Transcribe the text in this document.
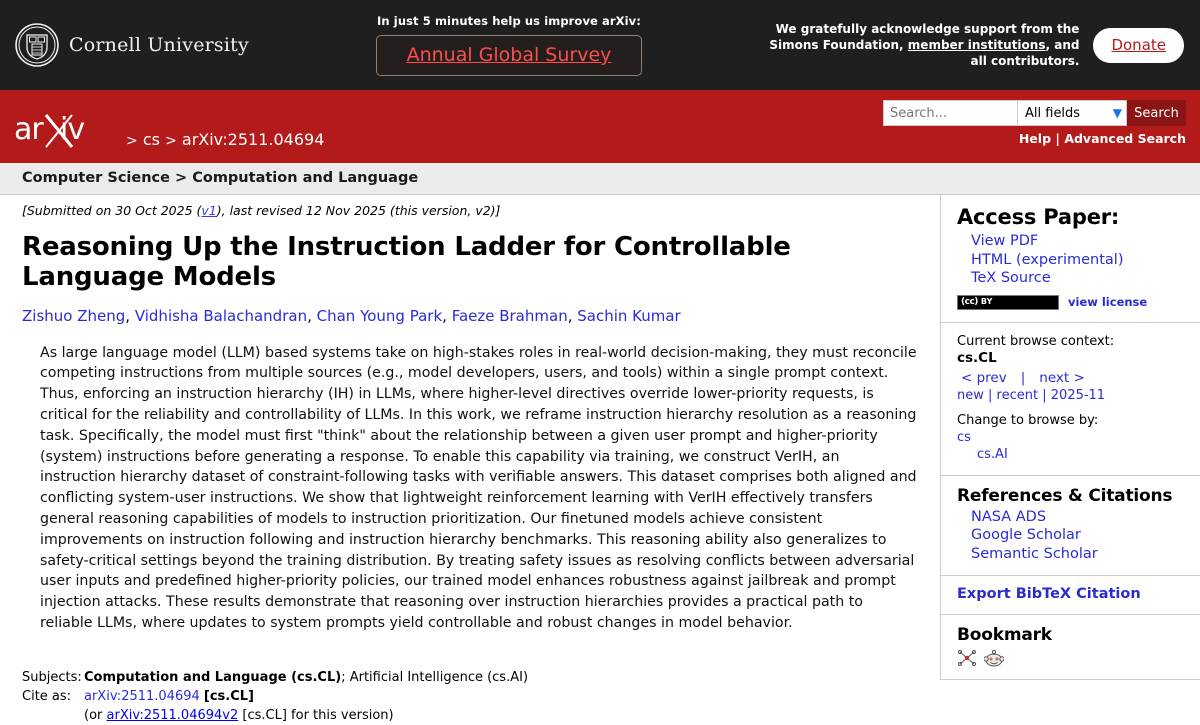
Cornell University
In just 5 minutes help us improve arXiv:
Annual Global Survey
We gratefully acknowledge support from the
Simons Foundation, member institutions, and
all contributors.
Donate
ar iv	> cs > arXiv:2511.04694
Search...
All fields	▼ Search
Help | Advanced Search
Computer Science > Computation and Language
[Submitted on 30 Oct 2025 (v1), last revised 12 Nov 2025 (this version, v2)]
Reasoning Up the Instruction Ladder for Controllable Language Models
Zishuo Zheng, Vidhisha Balachandran, Chan Young Park, Faeze Brahman, Sachin Kumar
As large language model (LLM) based systems take on high-stakes roles in real-world decision-making, they must reconcile competing instructions from multiple sources (e.g., model developers, users, and tools) within a single prompt context. Thus, enforcing an instruction hierarchy (IH) in LLMs, where higher-level directives override lower-priority requests, is critical for the reliability and controllability of LLMs. In this work, we reframe instruction hierarchy resolution as a reasoning task. Specifically, the model must first "think" about the relationship between a given user prompt and higher-priority (system) instructions before generating a response. To enable this capability via training, we construct VerIH, an instruction hierarchy dataset of constraint-following tasks with verifiable answers. This dataset comprises both aligned and conflicting system-user instructions. We show that lightweight reinforcement learning with VerIH effectively transfers general reasoning capabilities of models to instruction prioritization. Our finetuned models achieve consistent improvements on instruction following and instruction hierarchy benchmarks. This reasoning ability also generalizes to safety-critical settings beyond the training distribution. By treating safety issues as resolving conflicts between adversarial user inputs and predefined higher-priority policies, our trained model enhances robustness against jailbreak and prompt injection attacks. These results demonstrate that reasoning over instruction hierarchies provides a practical path to reliable LLMs, where updates to system prompts yield controllable and robust changes in model behavior.
Subjects: Computation and Language (cs.CL); Artificial Intelligence (cs.AI)
Cite as: arXiv:2511.04694 [cs.CL]
(or arXiv:2511.04694v2 [cs.CL] for this version)
Access Paper:
View PDF
HTML (experimental)
TeX Source
(cc) BY	view license
Current browse context:
cs.CL
< prev | next >
new | recent | 2025-11
Change to browse by:
cs
cs.AI
References & Citations
NASA ADS
Google Scholar
Semantic Scholar
Export BibTeX Citation
Bookmark
